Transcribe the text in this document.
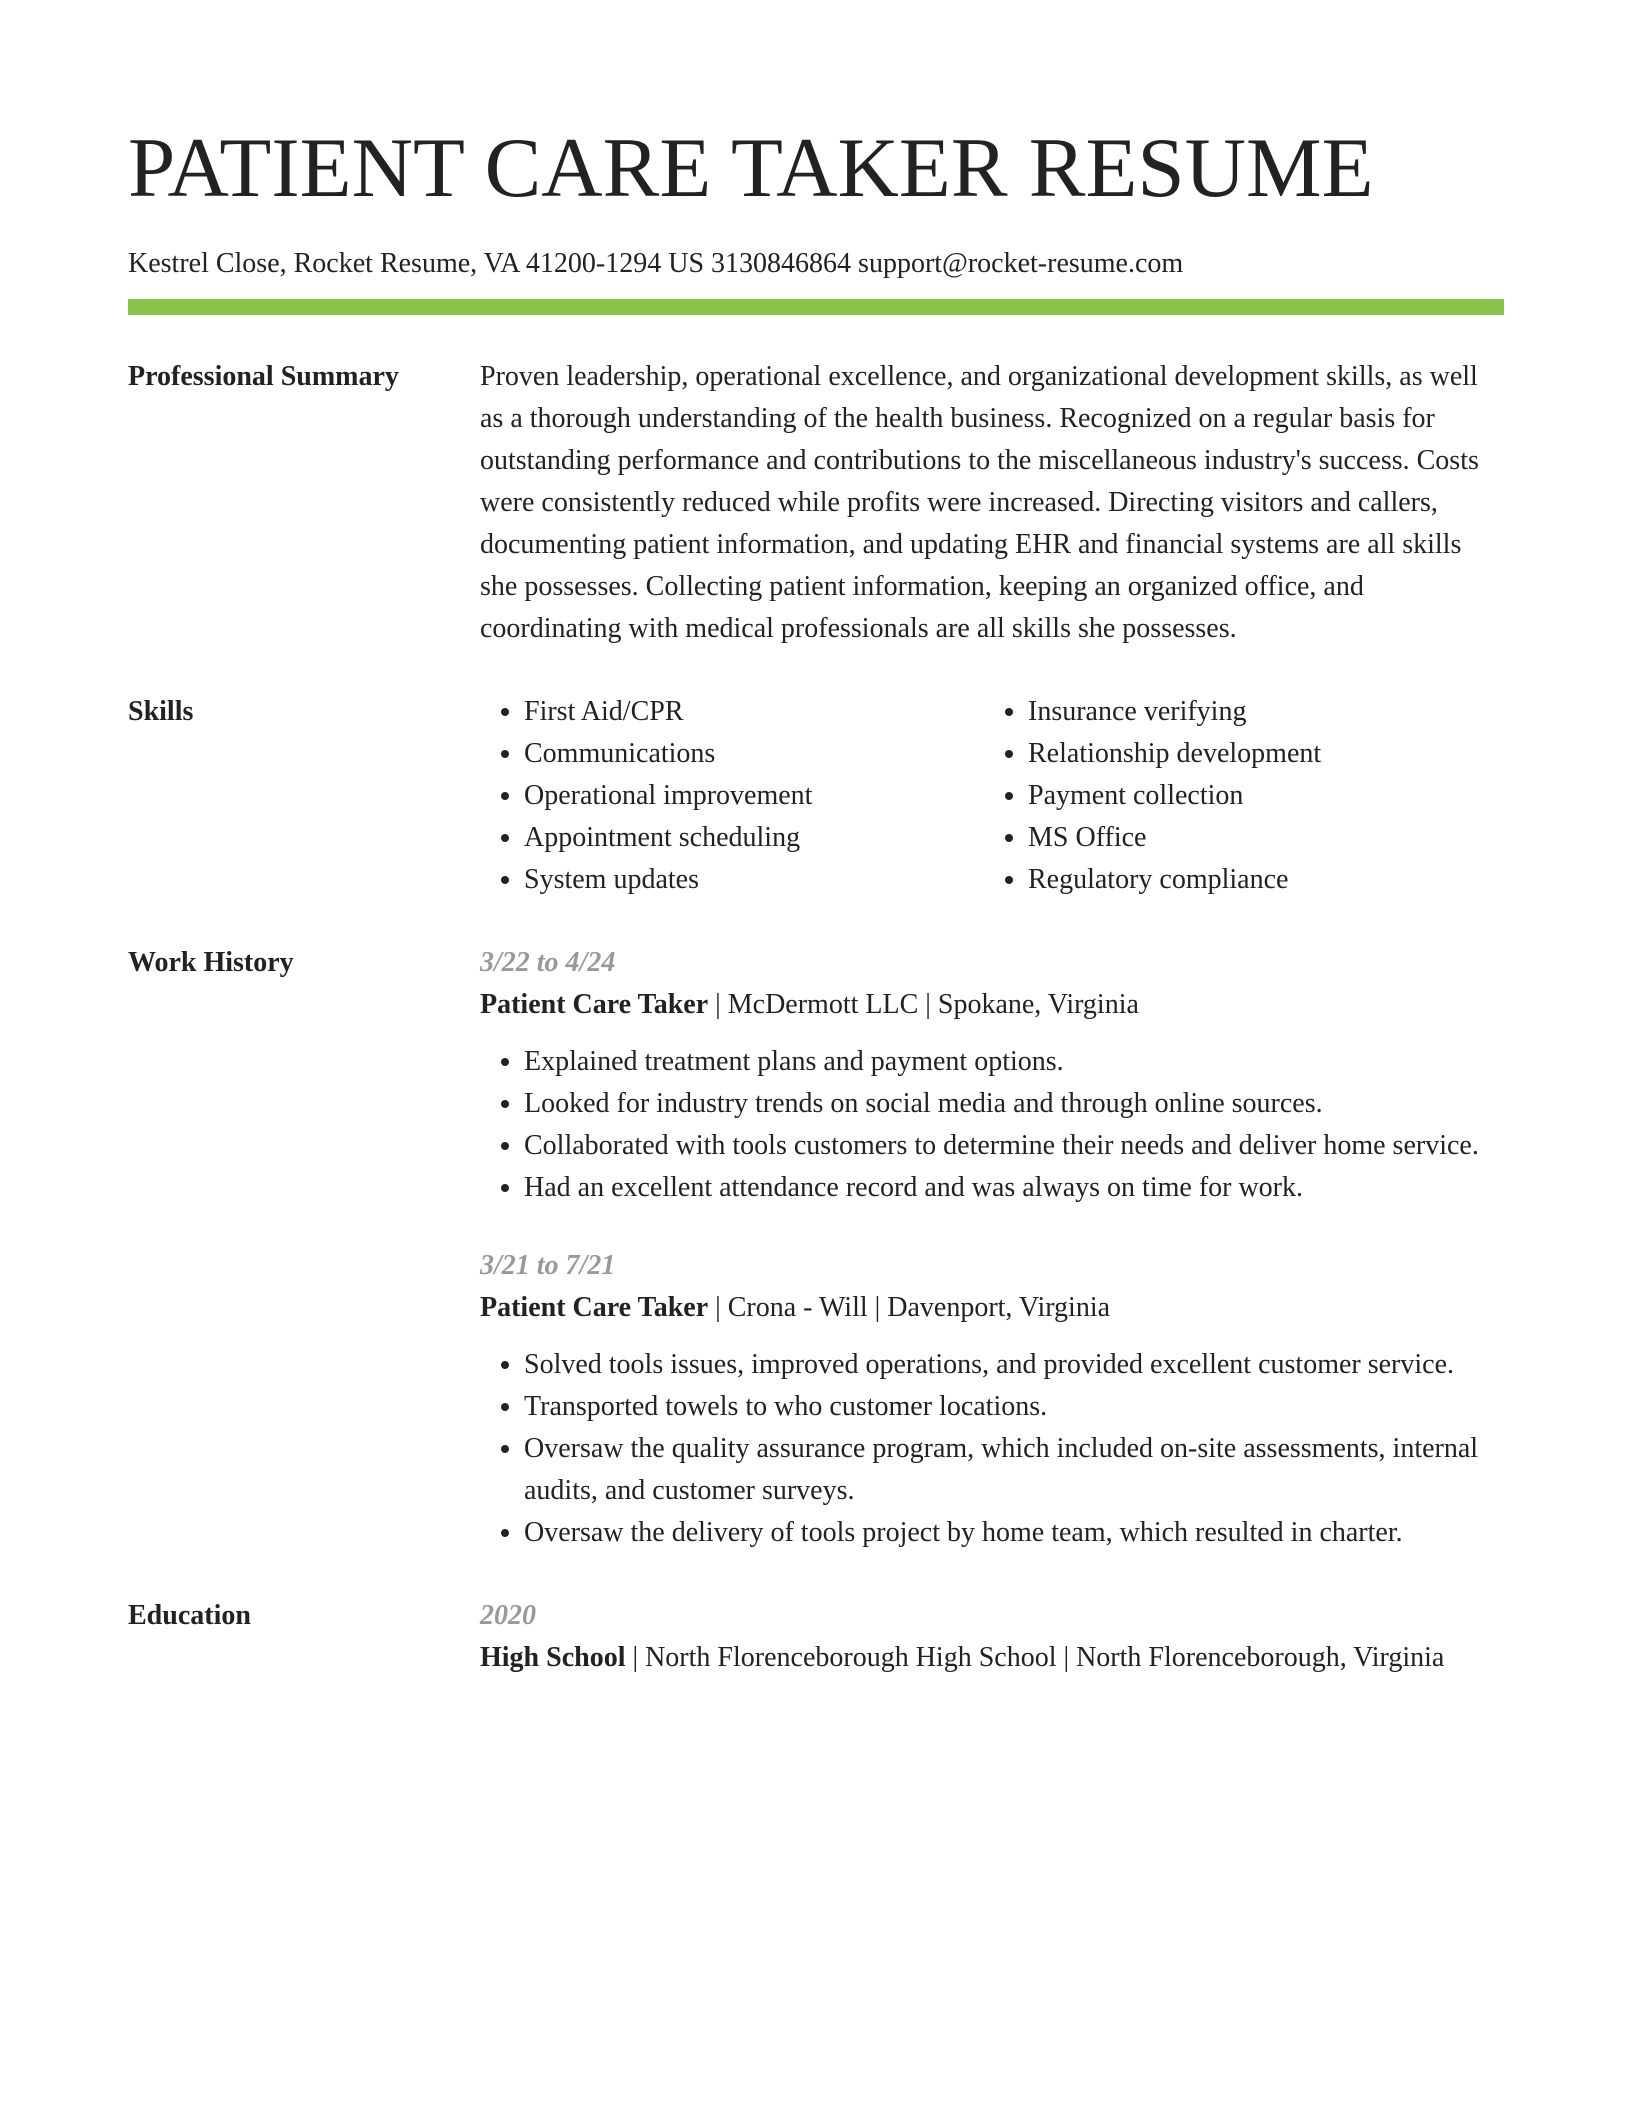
PATIENT CARE TAKER RESUME
Kestrel Close, Rocket Resume, VA 41200-1294 US 3130846864 support@rocket-resume.com
Professional Summary	Proven leadership, operational excellence, and organizational development skills, as well as a thorough understanding of the health business. Recognized on a regular basis for outstanding performance and contributions to the miscellaneous industry's success. Costs were consistently reduced while profits were increased. Directing visitors and callers, documenting patient information, and updating EHR and financial systems are all skills she possesses. Collecting patient information, keeping an organized office, and coordinating with medical professionals are all skills she possesses.

Skills
•	First Aid/CPR
• Communications
• Operational improvement
• Appointment scheduling
• System updates
• Insurance verifying
• Relationship development
• Payment collection
• MS Office
• Regulatory compliance
Work History	3/22 to 4/24
Patient Care Taker | McDermott LLC | Spokane, Virginia
• Explained treatment plans and payment options.
• Looked for industry trends on social media and through online sources.
• Collaborated with tools customers to determine their needs and deliver home service.
• Had an excellent attendance record and was always on time for work.
3/21 to 7/21
Patient Care Taker | Crona - Will | Davenport, Virginia
• Solved tools issues, improved operations, and provided excellent customer service.
• Transported towels to who customer locations.
• Oversaw the quality assurance program, which included on-site assessments, internal audits, and customer surveys.
• Oversaw the delivery of tools project by home team, which resulted in charter.
Education	2020
High School | North Florenceborough High School | North Florenceborough, Virginia
